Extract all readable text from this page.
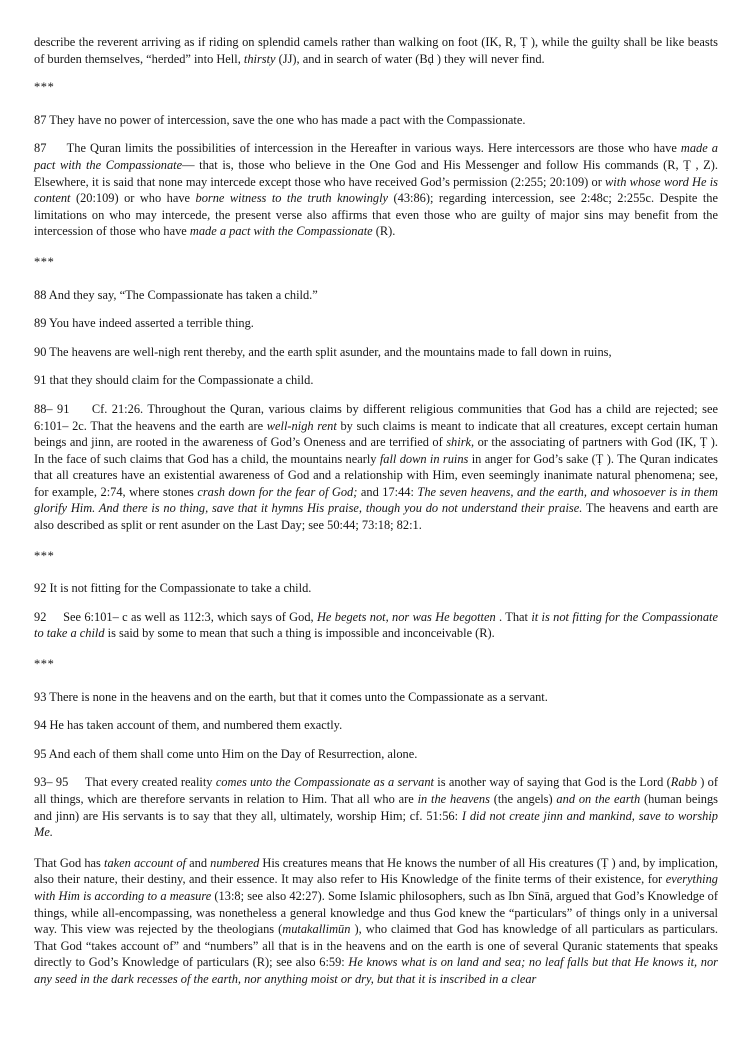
describe the reverent arriving as if riding on splendid camels rather than walking on foot (IK, R, Ṭ ), while the guilty shall be like beasts of burden themselves, “herded” into Hell, thirsty (JJ), and in search of water (Bḍ ) they will never find.

***

87 They have no power of intercession, save the one who has made a pact with the Compassionate.

87     The Quran limits the possibilities of intercession in the Hereafter in various ways. Here intercessors are those who have made a pact with the Compassionate— that is, those who believe in the One God and His Messenger and follow His commands (R, Ṭ , Z). Elsewhere, it is said that none may intercede except those who have received God’s permission (2:255; 20:109) or with whose word He is content (20:109) or who have borne witness to the truth knowingly (43:86); regarding intercession, see 2:48c; 2:255c. Despite the limitations on who may intercede, the present verse also affirms that even those who are guilty of major sins may benefit from the intercession of those who have made a pact with the Compassionate (R).

***

88 And they say, “The Compassionate has taken a child.”

89 You have indeed asserted a terrible thing.

90 The heavens are well-nigh rent thereby, and the earth split asunder, and the mountains made to fall down in ruins,

91 that they should claim for the Compassionate a child.

88– 91     Cf. 21:26. Throughout the Quran, various claims by different religious communities that God has a child are rejected; see 6:101– 2c. That the heavens and the earth are well-nigh rent by such claims is meant to indicate that all creatures, except certain human beings and jinn, are rooted in the awareness of God’s Oneness and are terrified of shirk, or the associating of partners with God (IK, Ṭ ). In the face of such claims that God has a child, the mountains nearly fall down in ruins in anger for God’s sake (Ṭ ). The Quran indicates that all creatures have an existential awareness of God and a relationship with Him, even seemingly inanimate natural phenomena; see, for example, 2:74, where stones crash down for the fear of God; and 17:44: The seven heavens, and the earth, and whosoever is in them glorify Him. And there is no thing, save that it hymns His praise, though you do not understand their praise. The heavens and earth are also described as split or rent asunder on the Last Day; see 50:44; 73:18; 82:1.

***

92 It is not fitting for the Compassionate to take a child.

92     See 6:101– c as well as 112:3, which says of God, He begets not, nor was He begotten . That it is not fitting for the Compassionate to take a child is said by some to mean that such a thing is impossible and inconceivable (R).

***

93 There is none in the heavens and on the earth, but that it comes unto the Compassionate as a servant.

94 He has taken account of them, and numbered them exactly.

95 And each of them shall come unto Him on the Day of Resurrection, alone.

93– 95     That every created reality comes unto the Compassionate as a servant is another way of saying that God is the Lord (Rabb ) of all things, which are therefore servants in relation to Him. That all who are in the heavens (the angels) and on the earth (human beings and jinn) are His servants is to say that they all, ultimately, worship Him; cf. 51:56: I did not create jinn and mankind, save to worship Me.

That God has taken account of and numbered His creatures means that He knows the number of all His creatures (Ṭ ) and, by implication, also their nature, their destiny, and their essence. It may also refer to His Knowledge of the finite terms of their existence, for everything with Him is according to a measure (13:8; see also 42:27). Some Islamic philosophers, such as Ibn Sīnā, argued that God’s Knowledge of things, while all-encompassing, was nonetheless a general knowledge and thus God knew the “particulars” of things only in a universal way. This view was rejected by the theologians (mutakallimūn ), who claimed that God has knowledge of all particulars as particulars. That God “takes account of” and “numbers” all that is in the heavens and on the earth is one of several Quranic statements that speaks directly to God’s Knowledge of particulars (R); see also 6:59: He knows what is on land and sea; no leaf falls but that He knows it, nor any seed in the dark recesses of the earth, nor anything moist or dry, but that it is inscribed in a clear
